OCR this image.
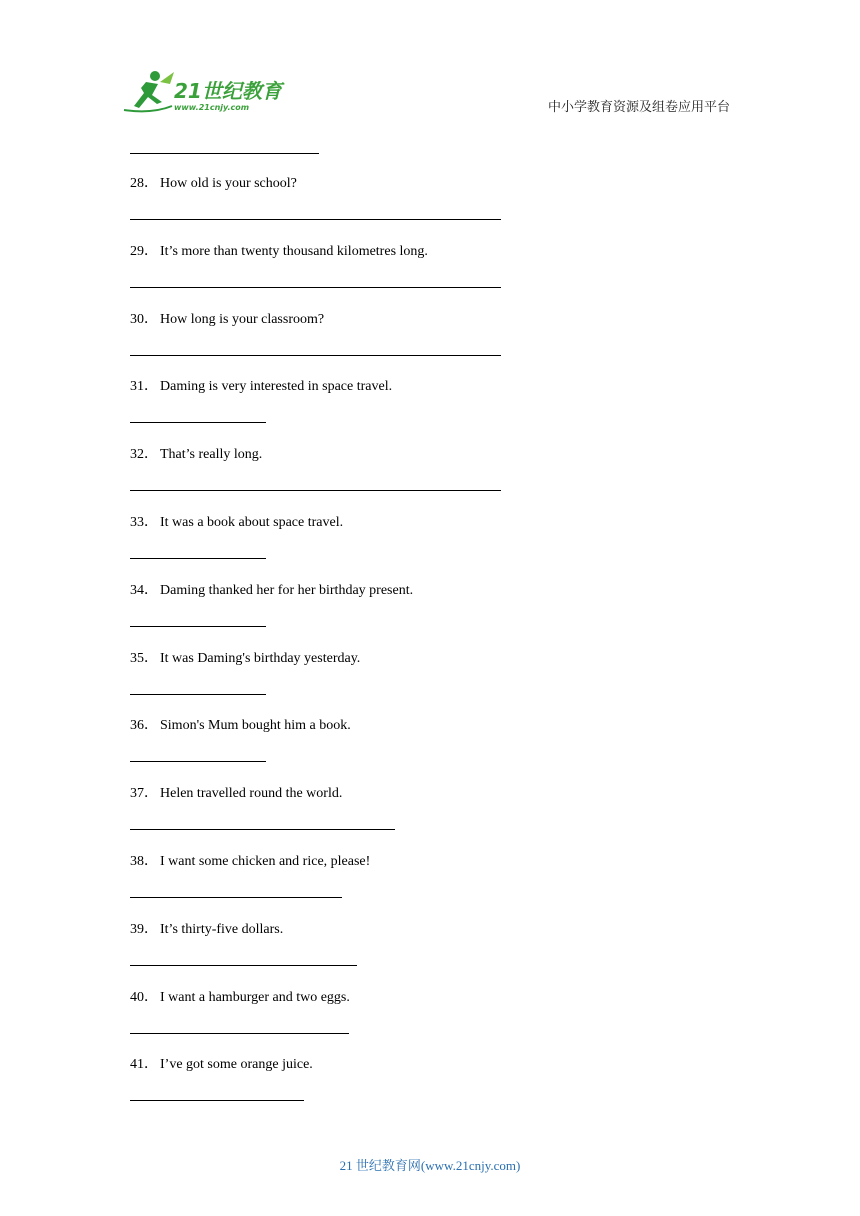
21世纪教育
www.21cnjy.com	中小学教育资源及组卷应用平台
28． How old is your school?
29． It’s more than twenty thousand kilometres long.
30． How long is your classroom?
31． Daming is very interested in space travel.
32． That’s really long.
33． It was a book about space travel.
34． Daming thanked her for her birthday present.
35． It was Daming's birthday yesterday.
36． Simon's Mum bought him a book.
37． Helen travelled round the world.
38． I want some chicken and rice, please!
39． It’s thirty-five dollars.
40． I want a hamburger and two eggs.
41． I’ve got some orange juice.
21 世纪教育网(www.21cnjy.com)
